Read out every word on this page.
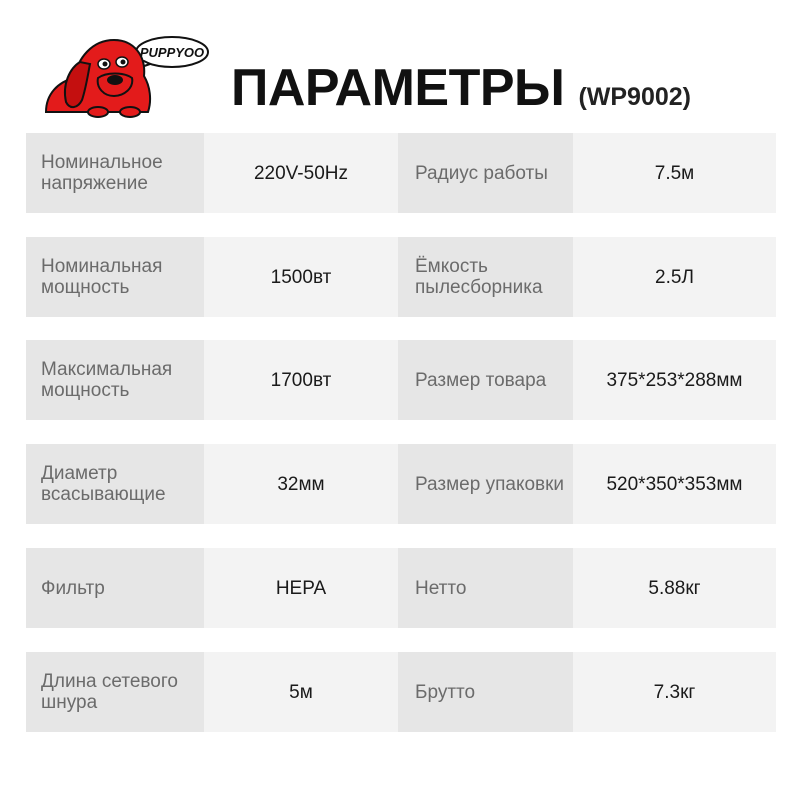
PUPPYOO
ПАРАМЕТРЫ (WP9002)
Номинальное напряжение	220V-50Hz	Радиус работы	7.5м
Номинальная мощность	1500вт	Ёмкость пылесборника	2.5Л
Максимальная мощность	1700вт	Размер товара	375*253*288мм
Диаметр всасывающие	32мм	Размер упаковки	520*350*353мм
Фильтр	HEPA	Нетто	5.88кг
Длина сетевого шнура	5м	Брутто	7.3кг
